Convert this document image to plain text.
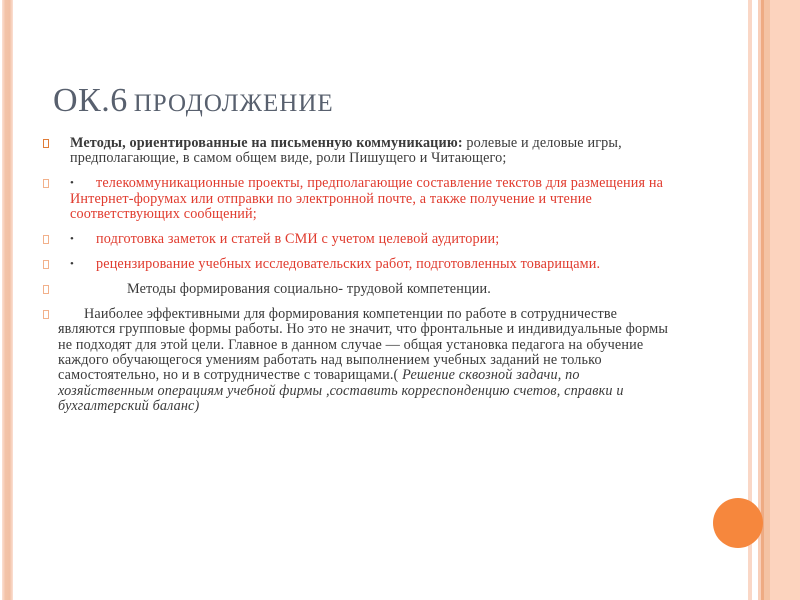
ОК.6 ПРОДОЛЖЕНИЕ
Методы, ориентированные на письменную коммуникацию: ролевые и деловые игры, предполагающие, в самом общем виде, роли Пишущего и Читающего;
• телекоммуникационные проекты, предполагающие составление текстов для размещения на Интернет-форумах или отправки по электронной почте, а также получение и чтение соответствующих сообщений;
• подготовка заметок и статей в СМИ с учетом целевой аудитории;
• рецензирование учебных исследовательских работ, подготовленных товарищами.
Методы формирования социально- трудовой компетенции.
Наиболее эффективными для формирования компетенции по работе в сотрудничестве являются групповые формы работы. Но это не значит, что фронтальные и индивидуальные формы не подходят для этой цели. Главное в данном случае — общая установка педагога на обучение каждого обучающегося умениям работать над выполнением учебных заданий не только самостоятельно, но и в сотрудничестве с товарищами.( Решение сквозной задачи, по хозяйственным операциям учебной фирмы ,составить корреспонденцию счетов, справки и бухгалтерский баланс)
